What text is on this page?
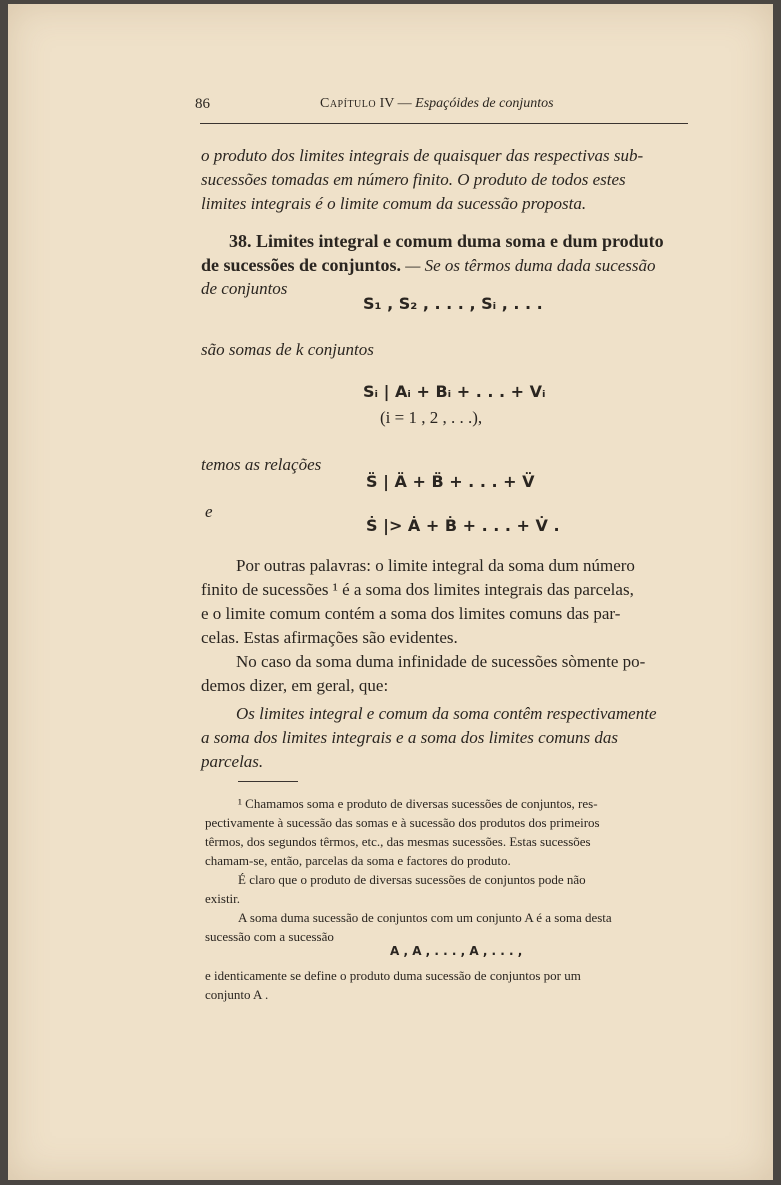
86	Capítulo IV — Espaçóides de conjuntos
o produto dos limites integrais de quaisquer das respectivas sub-
sucessões tomadas em número finito. O produto de todos estes
limites integrais é o limite comum da sucessão proposta.
38. Limites integral e comum duma soma e dum produto
de sucessões de conjuntos. — Se os têrmos duma dada sucessão
de conjuntos
S₁ , S₂ , . . . , Sᵢ , . . .
são somas de k conjuntos
Sᵢ | Aᵢ + Bᵢ + . . . + Vᵢ
(i = 1 , 2 , . . .),
temos as relações
S̈ | Ä + B̈ + . . . + V̈
e
Ṡ |> Ȧ + Ḃ + . . . + V̇ .
Por outras palavras: o limite integral da soma dum número
finito de sucessões ¹ é a soma dos limites integrais das parcelas,
e o limite comum contém a soma dos limites comuns das par-
celas. Estas afirmações são evidentes.
No caso da soma duma infinidade de sucessões sòmente po-
demos dizer, em geral, que:
Os limites integral e comum da soma contêm respectivamente
a soma dos limites integrais e a soma dos limites comuns das
parcelas.
¹ Chamamos soma e produto de diversas sucessões de conjuntos, res-
pectivamente à sucessão das somas e à sucessão dos produtos dos primeiros
têrmos, dos segundos têrmos, etc., das mesmas sucessões. Estas sucessões
chamam-se, então, parcelas da soma e factores do produto.
É claro que o produto de diversas sucessões de conjuntos pode não
existir.
A soma duma sucessão de conjuntos com um conjunto A é a soma desta
sucessão com a sucessão
A , A , . . . , A , . . . ,
e identicamente se define o produto duma sucessão de conjuntos por um
conjunto A .
